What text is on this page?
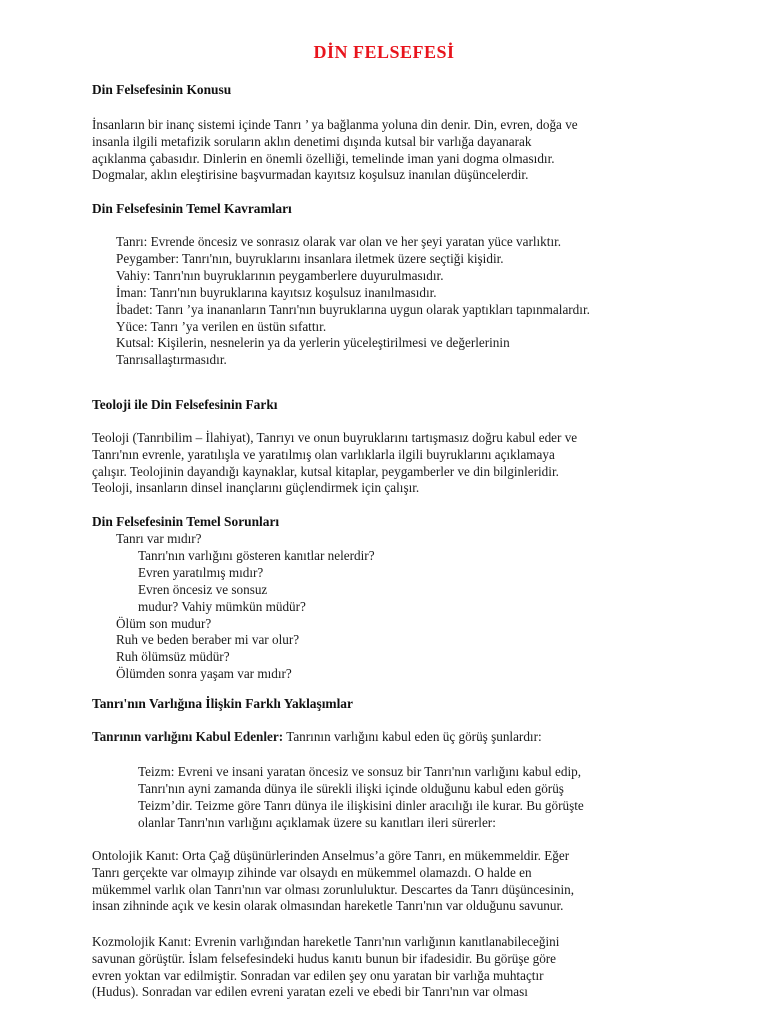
DİN FELSEFESİ
Din Felsefesinin Konusu
İnsanların bir inanç sistemi içinde Tanrı ’ ya bağlanma yoluna din denir. Din, evren, doğa ve
insanla ilgili metafizik soruların aklın denetimi dışında kutsal bir varlığa dayanarak
açıklanma çabasıdır. Dinlerin en önemli özelliği, temelinde iman yani dogma olmasıdır.
Dogmalar, aklın eleştirisine başvurmadan kayıtsız koşulsuz inanılan düşüncelerdir.
Din Felsefesinin Temel Kavramları
Tanrı: Evrende öncesiz ve sonrasız olarak var olan ve her şeyi yaratan yüce varlıktır.
Peygamber: Tanrı'nın, buyruklarını insanlara iletmek üzere seçtiği kişidir.
Vahiy: Tanrı'nın buyruklarının peygamberlere duyurulmasıdır.
İman: Tanrı'nın buyruklarına kayıtsız koşulsuz inanılmasıdır.
İbadet: Tanrı ’ya inananların Tanrı'nın buyruklarına uygun olarak yaptıkları tapınmalardır.
Yüce: Tanrı ’ya verilen en üstün sıfattır.
Kutsal: Kişilerin, nesnelerin ya da yerlerin yüceleştirilmesi ve değerlerinin
Tanrısallaştırmasıdır.
Teoloji ile Din Felsefesinin Farkı
Teoloji (Tanrıbilim – İlahiyat), Tanrıyı ve onun buyruklarını tartışmasız doğru kabul eder ve
Tanrı'nın evrenle, yaratılışla ve yaratılmış olan varlıklarla ilgili buyruklarını açıklamaya
çalışır. Teolojinin dayandığı kaynaklar, kutsal kitaplar, peygamberler ve din bilginleridir.
Teoloji, insanların dinsel inançlarını güçlendirmek için çalışır.
Din Felsefesinin Temel Sorunları
Tanrı var mıdır?
Tanrı'nın varlığını gösteren kanıtlar nelerdir?
Evren yaratılmış mıdır?
Evren öncesiz ve sonsuz
mudur? Vahiy mümkün müdür?
Ölüm son mudur?
Ruh ve beden beraber mi var olur?
Ruh ölümsüz müdür?
Ölümden sonra yaşam var mıdır?
Tanrı'nın Varlığına İlişkin Farklı Yaklaşımlar
Tanrının varlığını Kabul Edenler: Tanrının varlığını kabul eden üç görüş şunlardır:
Teizm: Evreni ve insani yaratan öncesiz ve sonsuz bir Tanrı'nın varlığını kabul edip,
Tanrı'nın ayni zamanda dünya ile sürekli ilişki içinde olduğunu kabul eden görüş
Teizm’dir. Teizme göre Tanrı dünya ile ilişkisini dinler aracılığı ile kurar. Bu görüşte
olanlar Tanrı'nın varlığını açıklamak üzere su kanıtları ileri sürerler:
Ontolojik Kanıt: Orta Çağ düşünürlerinden Anselmus’a göre Tanrı, en mükemmeldir. Eğer
Tanrı gerçekte var olmayıp zihinde var olsaydı en mükemmel olamazdı. O halde en
mükemmel varlık olan Tanrı'nın var olması zorunluluktur. Descartes da Tanrı düşüncesinin,
insan zihninde açık ve kesin olarak olmasından hareketle Tanrı'nın var olduğunu savunur.
Kozmolojik Kanıt: Evrenin varlığından hareketle Tanrı'nın varlığının kanıtlanabileceğini
savunan görüştür. İslam felsefesindeki hudus kanıtı bunun bir ifadesidir. Bu görüşe göre
evren yoktan var edilmiştir. Sonradan var edilen şey onu yaratan bir varlığa muhtaçtır
(Hudus). Sonradan var edilen evreni yaratan ezeli ve ebedi bir Tanrı'nın var olması
